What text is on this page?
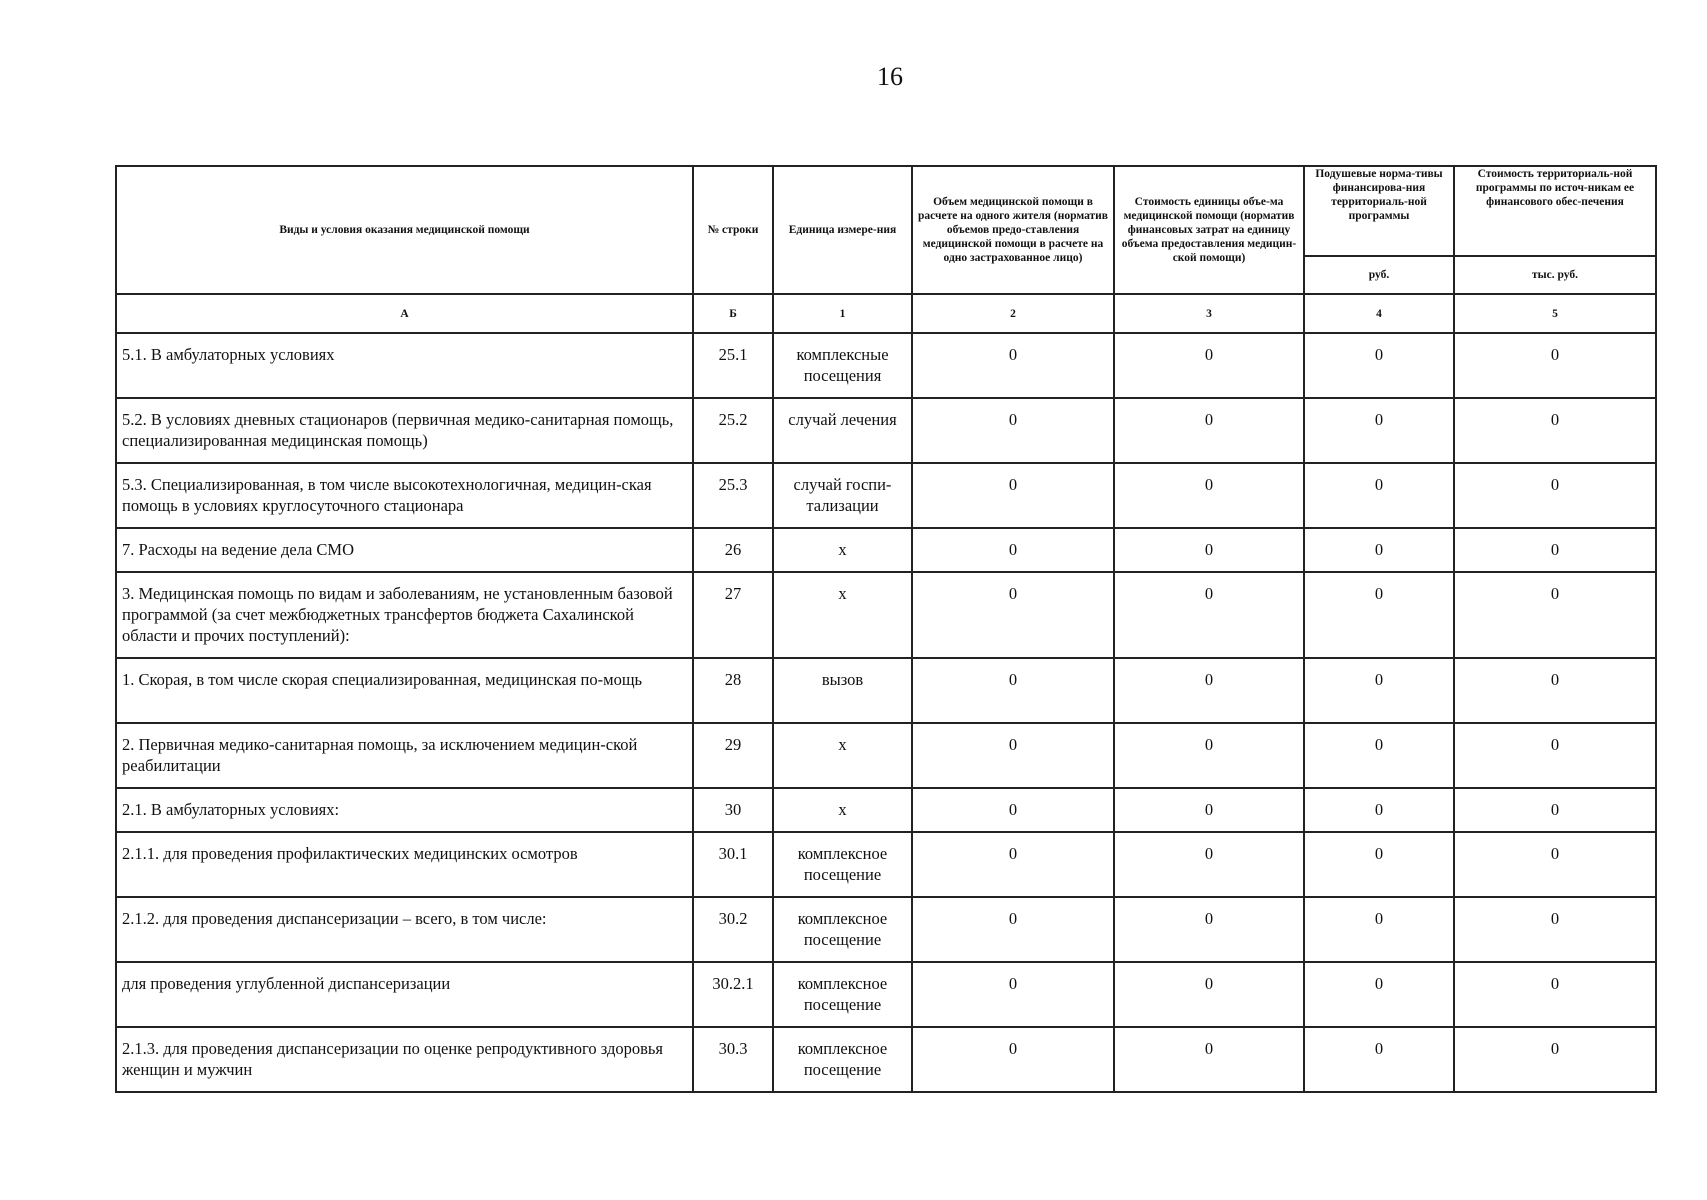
16
Виды и условия оказания медицинской помощи	№ строки	Единица измере-ния	Объем медицинской помощи в расчете на одного жителя (норматив объемов предо-ставления медицинской помощи в расчете на одно застрахованное лицо)	Стоимость единицы объе-ма медицинской помощи (норматив финансовых затрат на единицу объема предоставления медицин-ской помощи)	Подушевые норма-тивы финансирова-ния территориаль-ной программы	Стоимость территориаль-ной программы по источ-никам ее финансового обес-печения
					руб.	тыс. руб.
А	Б	1	2	3	4	5
5.1. В амбулаторных условиях	25.1	комплексные посещения	0	0	0	0
5.2. В условиях дневных стационаров (первичная медико-санитарная помощь, специализированная медицинская помощь)	25.2	случай лечения	0	0	0	0
5.3. Специализированная, в том числе высокотехнологичная, медицин-ская помощь в условиях круглосуточного стационара	25.3	случай госпи-тализации	0	0	0	0
7. Расходы на ведение дела СМО	26	х	0	0	0	0
3. Медицинская помощь по видам и заболеваниям, не установленным базовой программой (за счет межбюджетных трансфертов бюджета Сахалинской области и прочих поступлений):	27	х	0	0	0	0
1. Скорая, в том числе скорая специализированная, медицинская по-мощь	28	вызов	0	0	0	0
2. Первичная медико-санитарная помощь, за исключением медицин-ской реабилитации	29	х	0	0	0	0
2.1. В амбулаторных условиях:	30	х	0	0	0	0
2.1.1. для проведения профилактических медицинских осмотров	30.1	комплексное посещение	0	0	0	0
2.1.2. для проведения диспансеризации – всего, в том числе:	30.2	комплексное посещение	0	0	0	0
для проведения углубленной диспансеризации	30.2.1	комплексное посещение	0	0	0	0
2.1.3. для проведения диспансеризации по оценке репродуктивного здоровья женщин и мужчин	30.3	комплексное посещение	0	0	0	0
